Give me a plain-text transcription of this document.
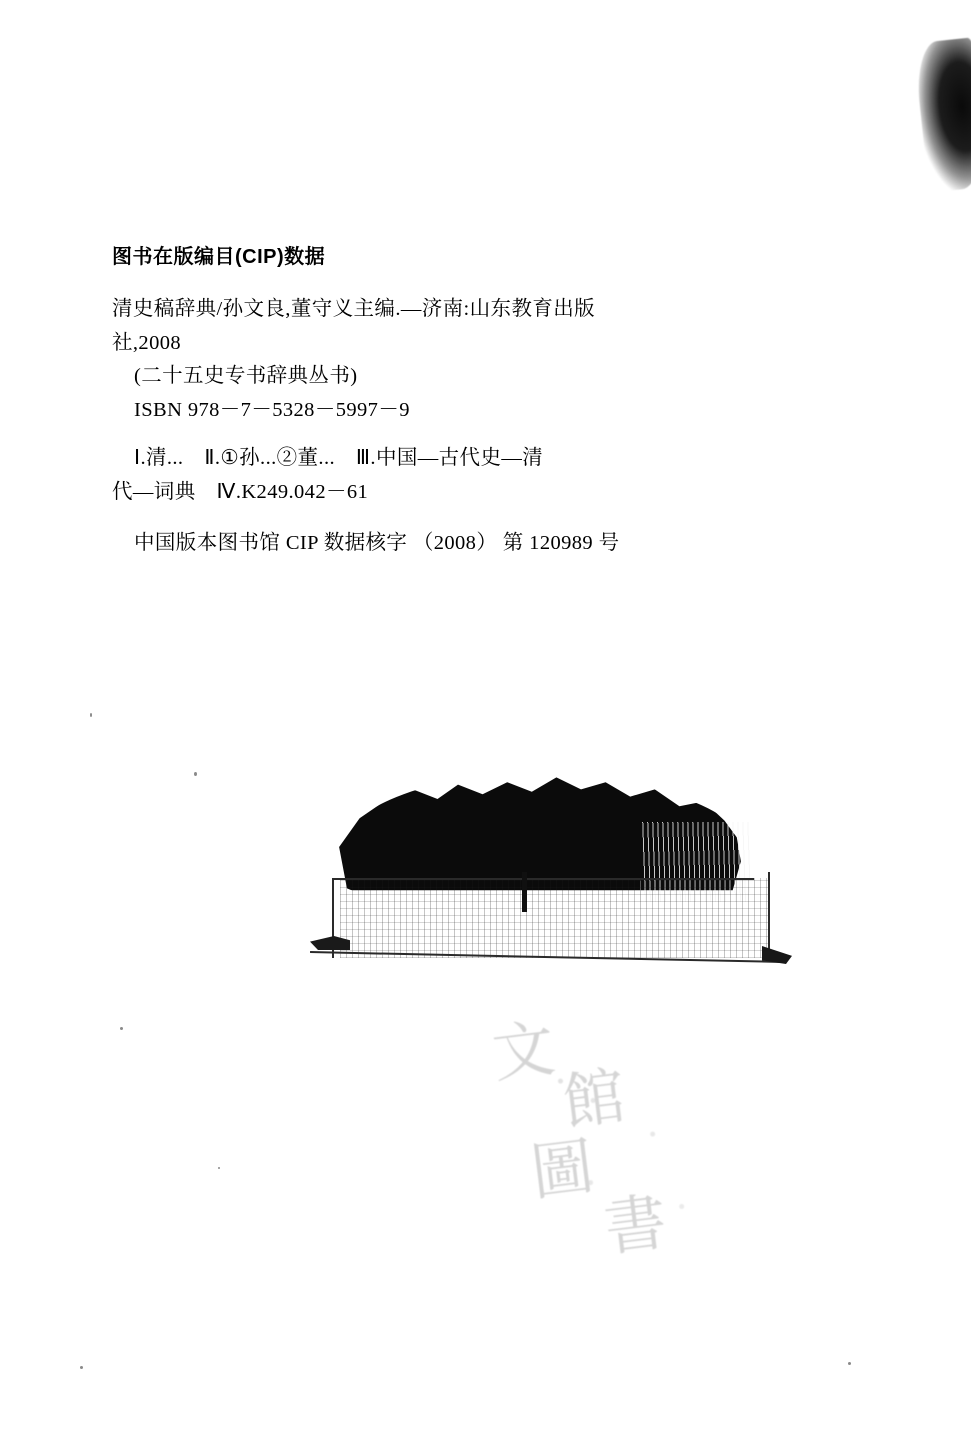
图书在版编目(CIP)数据

清史稿辞典/孙文良,董守义主编.—济南:山东教育出版

社,2008

(二十五史专书辞典丛书)

ISBN 978－7－5328－5997－9

Ⅰ.清...　Ⅱ.①孙...②董...　Ⅲ.中国—古代史—清

代—词典　Ⅳ.K249.042－61

中国版本图书馆 CIP 数据核字 （2008） 第 120989 号

文
館
圖
書
